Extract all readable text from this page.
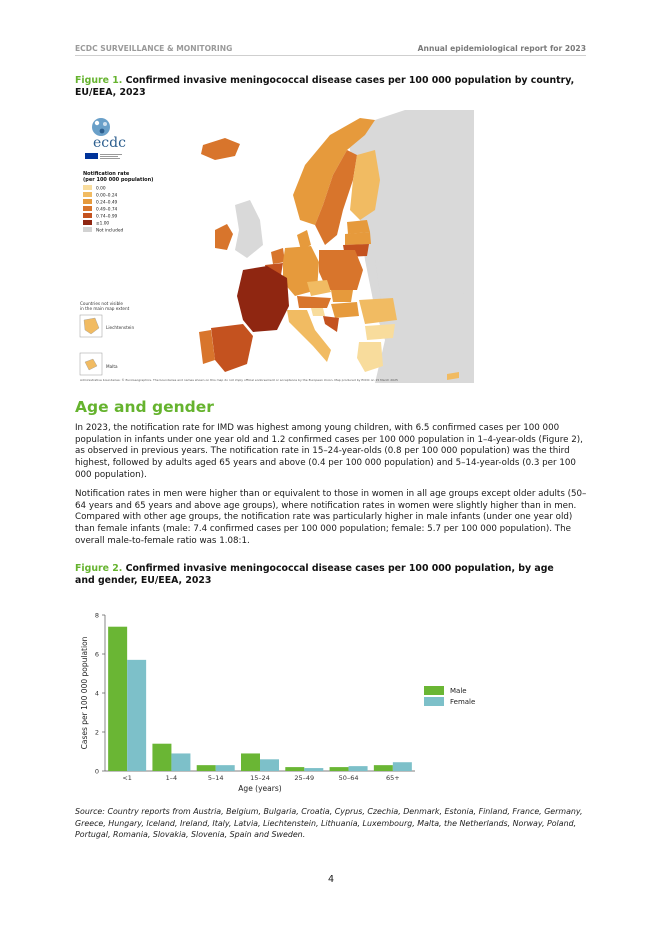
ECDC SURVEILLANCE & MONITORING	Annual epidemiological report for 2023
Figure 1. Confirmed invasive meningococcal disease cases per 100 000 population by country, EU/EEA, 2023
ecdc
Notification rate
(per 100 000 population)
0.00
0.00–0.24
0.24–0.49
0.49–0.74
0.74–0.99
≥1.00
Not included
Countries not visible
in the main map extent
Liechtenstein
Malta
Administrative boundaries: © EuroGeographics. The boundaries and names shown on this map do not imply official endorsement or acceptance by the European Union. Map produced by ECDC on 15 March 2025
Age and gender
In 2023, the notification rate for IMD was highest among young children, with 6.5 confirmed cases per 100 000 population in infants under one year old and 1.2 confirmed cases per 100 000 population in 1–4-year-olds (Figure 2), as observed in previous years. The notification rate in 15–24-year-olds (0.8 per 100 000 population) was the third highest, followed by adults aged 65 years and above (0.4 per 100 000 population) and 5–14-year-olds (0.3 per 100 000 population).
Notification rates in men were higher than or equivalent to those in women in all age groups except older adults (50–64 years and 65 years and above age groups), where notification rates in women were slightly higher than in men. Compared with other age groups, the notification rate was particularly higher in male infants (under one year old) than female infants (male: 7.4 confirmed cases per 100 000 population; female: 5.7 per 100 000 population). The overall male-to-female ratio was 1.08:1.
Figure 2. Confirmed invasive meningococcal disease cases per 100 000 population, by age and gender, EU/EEA, 2023
0
2
4
6
8
<1	1–4	5–14	15–24	25–49	50–64	65+
Age (years)
Cases per 100 000 population	Male
Female
Source: Country reports from Austria, Belgium, Bulgaria, Croatia, Cyprus, Czechia, Denmark, Estonia, Finland, France, Germany, Greece, Hungary, Iceland, Ireland, Italy, Latvia, Liechtenstein, Lithuania, Luxembourg, Malta, the Netherlands, Norway, Poland, Portugal, Romania, Slovakia, Slovenia, Spain and Sweden.
4
